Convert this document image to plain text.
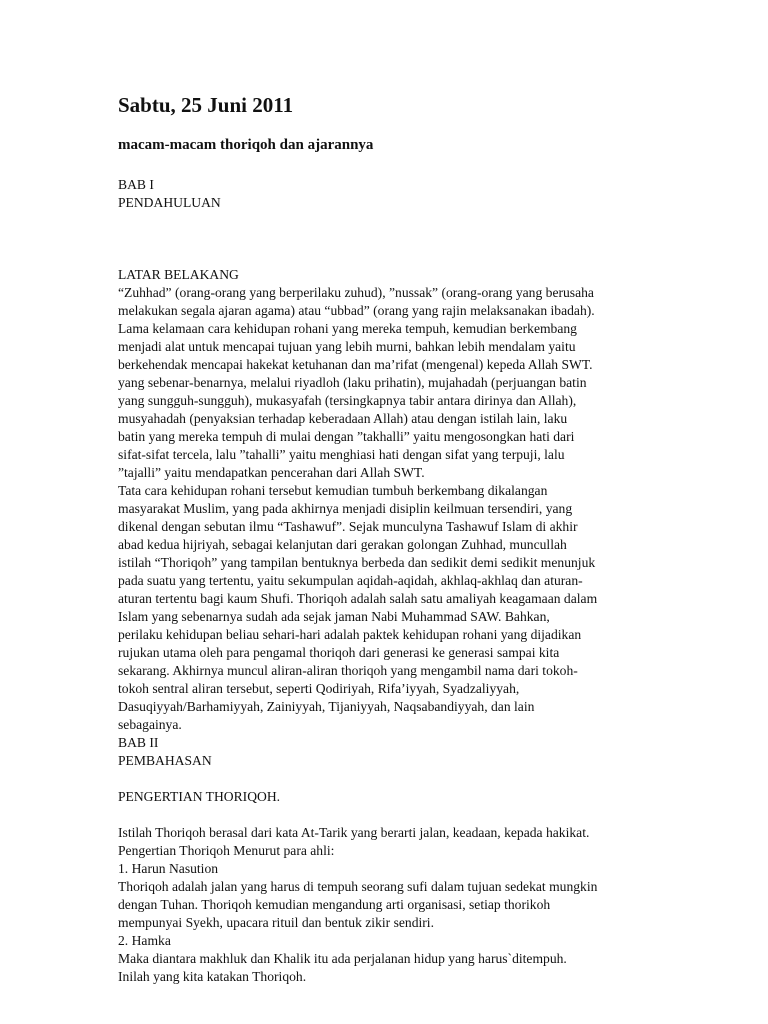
Sabtu, 25 Juni 2011
macam-macam thoriqoh dan ajarannya
BAB I
PENDAHULUAN
LATAR BELAKANG
“Zuhhad” (orang-orang yang berperilaku zuhud), ”nussak” (orang-orang yang berusaha
melakukan segala ajaran agama) atau “ubbad” (orang yang rajin melaksanakan ibadah).
Lama kelamaan cara kehidupan rohani yang mereka tempuh, kemudian berkembang
menjadi alat untuk mencapai tujuan yang lebih murni, bahkan lebih mendalam yaitu
berkehendak mencapai hakekat ketuhanan dan ma’rifat (mengenal) kepeda Allah SWT.
yang sebenar-benarnya, melalui riyadloh (laku prihatin), mujahadah (perjuangan batin
yang sungguh-sungguh), mukasyafah (tersingkapnya tabir antara dirinya dan Allah),
musyahadah (penyaksian terhadap keberadaan Allah) atau dengan istilah lain, laku
batin yang mereka tempuh di mulai dengan ”takhalli” yaitu mengosongkan hati dari
sifat-sifat tercela, lalu ”tahalli” yaitu menghiasi hati dengan sifat yang terpuji, lalu
”tajalli” yaitu mendapatkan pencerahan dari Allah SWT.
Tata cara kehidupan rohani tersebut kemudian tumbuh berkembang dikalangan
masyarakat Muslim, yang pada akhirnya menjadi disiplin keilmuan tersendiri, yang
dikenal dengan sebutan ilmu “Tashawuf”. Sejak munculyna Tashawuf Islam di akhir
abad kedua hijriyah, sebagai kelanjutan dari gerakan golongan Zuhhad, muncullah
istilah “Thoriqoh” yang tampilan bentuknya berbeda dan sedikit demi sedikit menunjuk
pada suatu yang tertentu, yaitu sekumpulan aqidah-aqidah, akhlaq-akhlaq dan aturan-
aturan tertentu bagi kaum Shufi. Thoriqoh adalah salah satu amaliyah keagamaan dalam
Islam yang sebenarnya sudah ada sejak jaman Nabi Muhammad SAW. Bahkan,
perilaku kehidupan beliau sehari-hari adalah paktek kehidupan rohani yang dijadikan
rujukan utama oleh para pengamal thoriqoh dari generasi ke generasi sampai kita
sekarang. Akhirnya muncul aliran-aliran thoriqoh yang mengambil nama dari tokoh-
tokoh sentral aliran tersebut, seperti Qodiriyah, Rifa’iyyah, Syadzaliyyah,
Dasuqiyyah/Barhamiyyah, Zainiyyah, Tijaniyyah, Naqsabandiyyah, dan lain
sebagainya.
BAB II
PEMBAHASAN
PENGERTIAN THORIQOH.
Istilah Thoriqoh berasal dari kata At-Tarik yang berarti jalan, keadaan, kepada hakikat.
Pengertian Thoriqoh Menurut para ahli:
1. Harun Nasution
Thoriqoh adalah jalan yang harus di tempuh seorang sufi dalam tujuan sedekat mungkin
dengan Tuhan. Thoriqoh kemudian mengandung arti organisasi, setiap thorikoh
mempunyai Syekh, upacara rituil dan bentuk zikir sendiri.
2. Hamka
Maka diantara makhluk dan Khalik itu ada perjalanan hidup yang harus`ditempuh.
Inilah yang kita katakan Thoriqoh.
